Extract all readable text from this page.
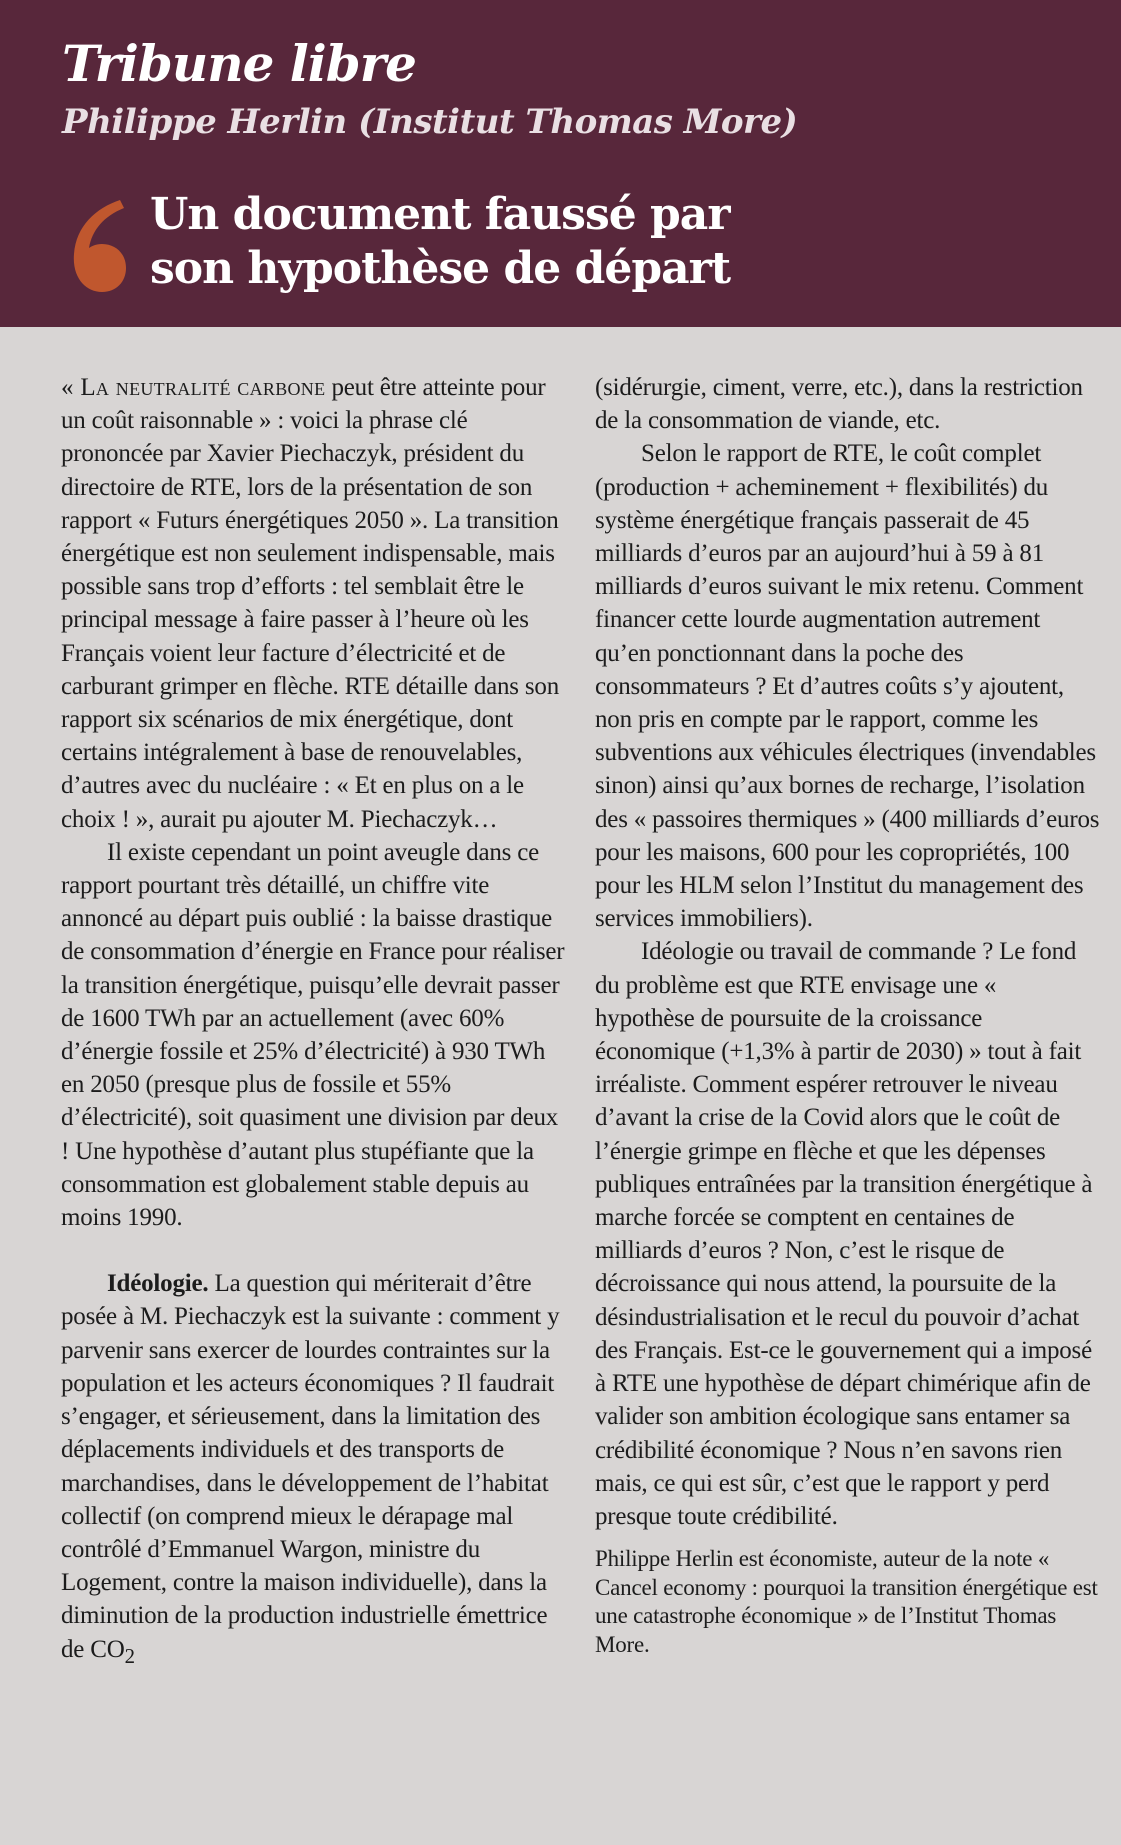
Tribune libre
Philippe Herlin (Institut Thomas More)
Un document faussé par
son hypothèse de départ

« La neutralité carbone peut être atteinte pour un coût raisonnable » : voici la phrase clé prononcée par Xavier Piechaczyk, président du directoire de RTE, lors de la présentation de son rapport « Futurs énergétiques 2050 ». La transition énergétique est non seulement indispensable, mais possible sans trop d’efforts : tel semblait être le principal message à faire passer à l’heure où les Français voient leur facture d’électricité et de carburant grimper en flèche. RTE détaille dans son rapport six scénarios de mix énergétique, dont certains intégralement à base de renouvelables, d’autres avec du nucléaire : « Et en plus on a le choix ! », aurait pu ajouter M. Piechaczyk…

Il existe cependant un point aveugle dans ce rapport pourtant très détaillé, un chiffre vite annoncé au départ puis oublié : la baisse drastique de consommation d’énergie en France pour réaliser la transition énergétique, puisqu’elle devrait passer de 1600 TWh par an actuellement (avec 60% d’énergie fossile et 25% d’électricité) à 930 TWh en 2050 (presque plus de fossile et 55% d’électricité), soit quasiment une division par deux ! Une hypothèse d’autant plus stupéfiante que la consommation est globalement stable depuis au moins 1990.

Idéologie. La question qui mériterait d’être posée à M. Piechaczyk est la suivante : comment y parvenir sans exercer de lourdes contraintes sur la population et les acteurs économiques ? Il faudrait s’engager, et sérieusement, dans la limitation des déplacements individuels et des transports de marchandises, dans le développement de l’habitat collectif (on comprend mieux le dérapage mal contrôlé d’Emmanuel Wargon, ministre du Logement, contre la maison individuelle), dans la diminution de la production industrielle émettrice de $CO_2$

(sidérurgie, ciment, verre, etc.), dans la restriction de la consommation de viande, etc.

Selon le rapport de RTE, le coût complet (production + acheminement + flexibilités) du système énergétique français passerait de 45 milliards d’euros par an aujourd’hui à 59 à 81 milliards d’euros suivant le mix retenu. Comment financer cette lourde augmentation autrement qu’en ponctionnant dans la poche des consommateurs ? Et d’autres coûts s’y ajoutent, non pris en compte par le rapport, comme les subventions aux véhicules électriques (invendables sinon) ainsi qu’aux bornes de recharge, l’isolation des « passoires thermiques » (400 milliards d’euros pour les maisons, 600 pour les copropriétés, 100 pour les HLM selon l’Institut du management des services immobiliers).

Idéologie ou travail de commande ? Le fond du problème est que RTE envisage une « hypothèse de poursuite de la croissance économique (+1,3% à partir de 2030) » tout à fait irréaliste. Comment espérer retrouver le niveau d’avant la crise de la Covid alors que le coût de l’énergie grimpe en flèche et que les dépenses publiques entraînées par la transition énergétique à marche forcée se comptent en centaines de milliards d’euros ? Non, c’est le risque de décroissance qui nous attend, la poursuite de la désindustrialisation et le recul du pouvoir d’achat des Français. Est-ce le gouvernement qui a imposé à RTE une hypothèse de départ chimérique afin de valider son ambition écologique sans entamer sa crédibilité économique ? Nous n’en savons rien mais, ce qui est sûr, c’est que le rapport y perd presque toute crédibilité.

Philippe Herlin est économiste, auteur de la note « Cancel economy : pourquoi la transition énergétique est une catastrophe économique » de l’Institut Thomas More.
